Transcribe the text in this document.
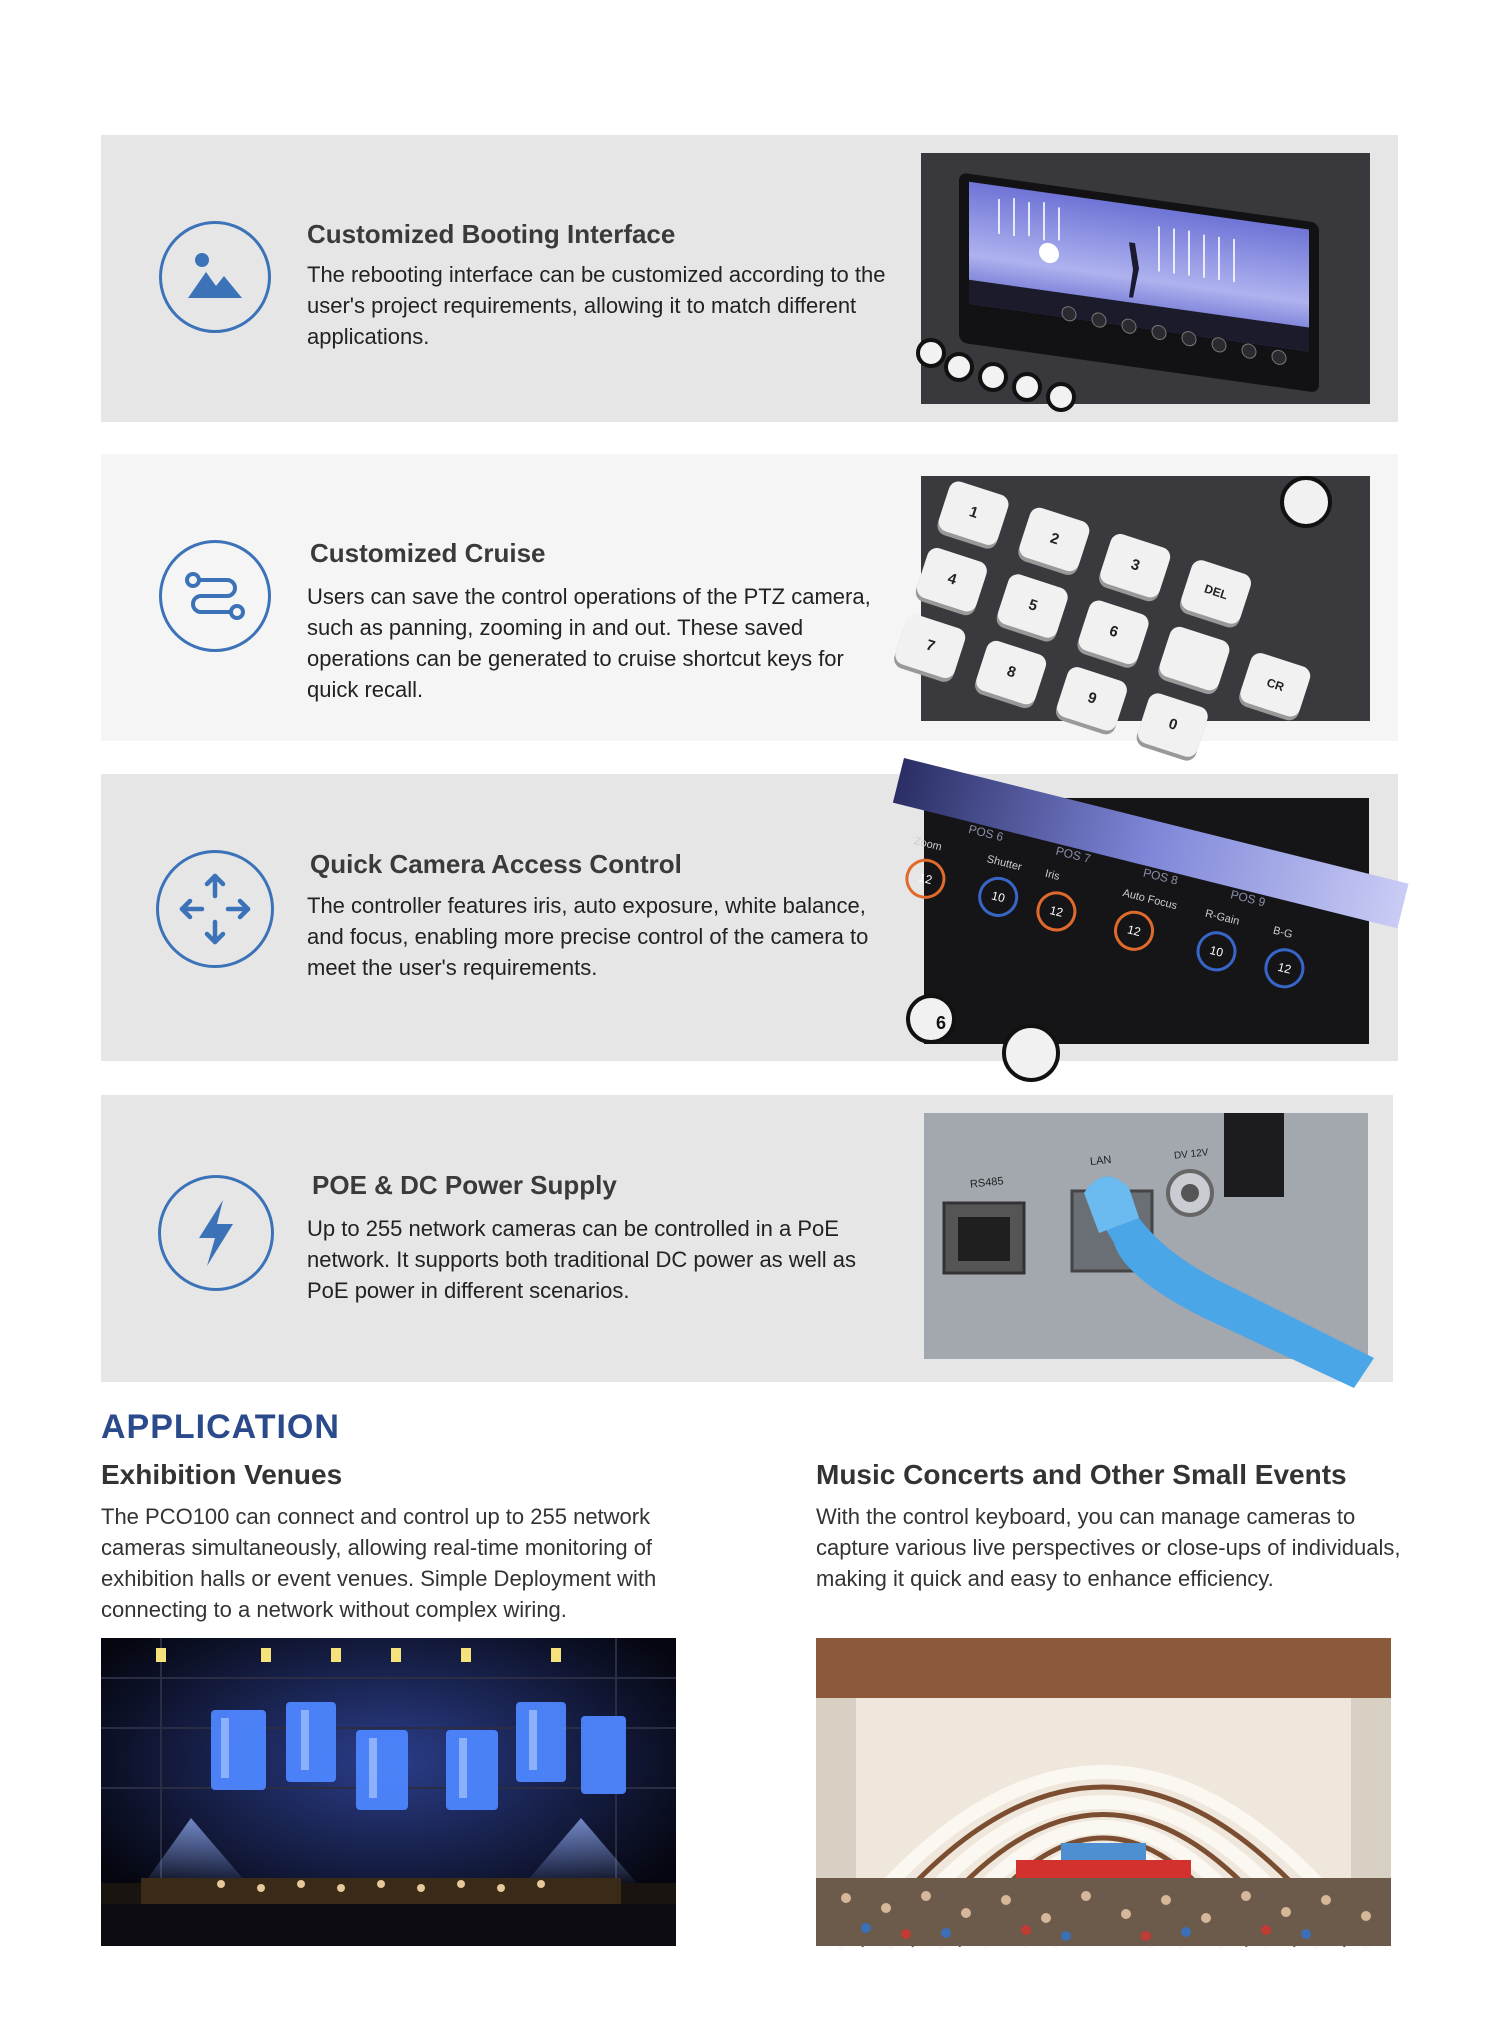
Customized Booting Interface
The rebooting interface can be customized according to the user's project requirements, allowing it to match different applications.
Customized Cruise
Users can save the control operations of the PTZ camera, such as panning, zooming in and out. These saved operations can be generated to cruise shortcut keys for quick recall.
1
2
3
4
5
6
7
8
9
0
DEL
CR
Quick Camera Access Control
The controller features iris, auto exposure, white balance, and focus, enabling more precise control of the camera to meet the user's requirements.
POS 6
POS 7
POS 8
POS 9
Zoom
12
Shutter
10
Iris
12	Auto Focus
12
R-Gain
10
B-G
12
6
POE & DC Power Supply
Up to 255 network cameras can be controlled in a PoE network. It supports both traditional DC power as well as PoE power in different scenarios.
RS485
LAN	DV 12V
APPLICATION
Exhibition Venues
The PCO100 can connect and control up to 255 network cameras simultaneously, allowing real-time monitoring of exhibition halls or event venues. Simple Deployment with connecting to a network without complex wiring.
Music Concerts and Other Small Events
With the control keyboard, you can manage cameras to capture various live perspectives or close-ups of individuals, making it quick and easy to enhance efficiency.
